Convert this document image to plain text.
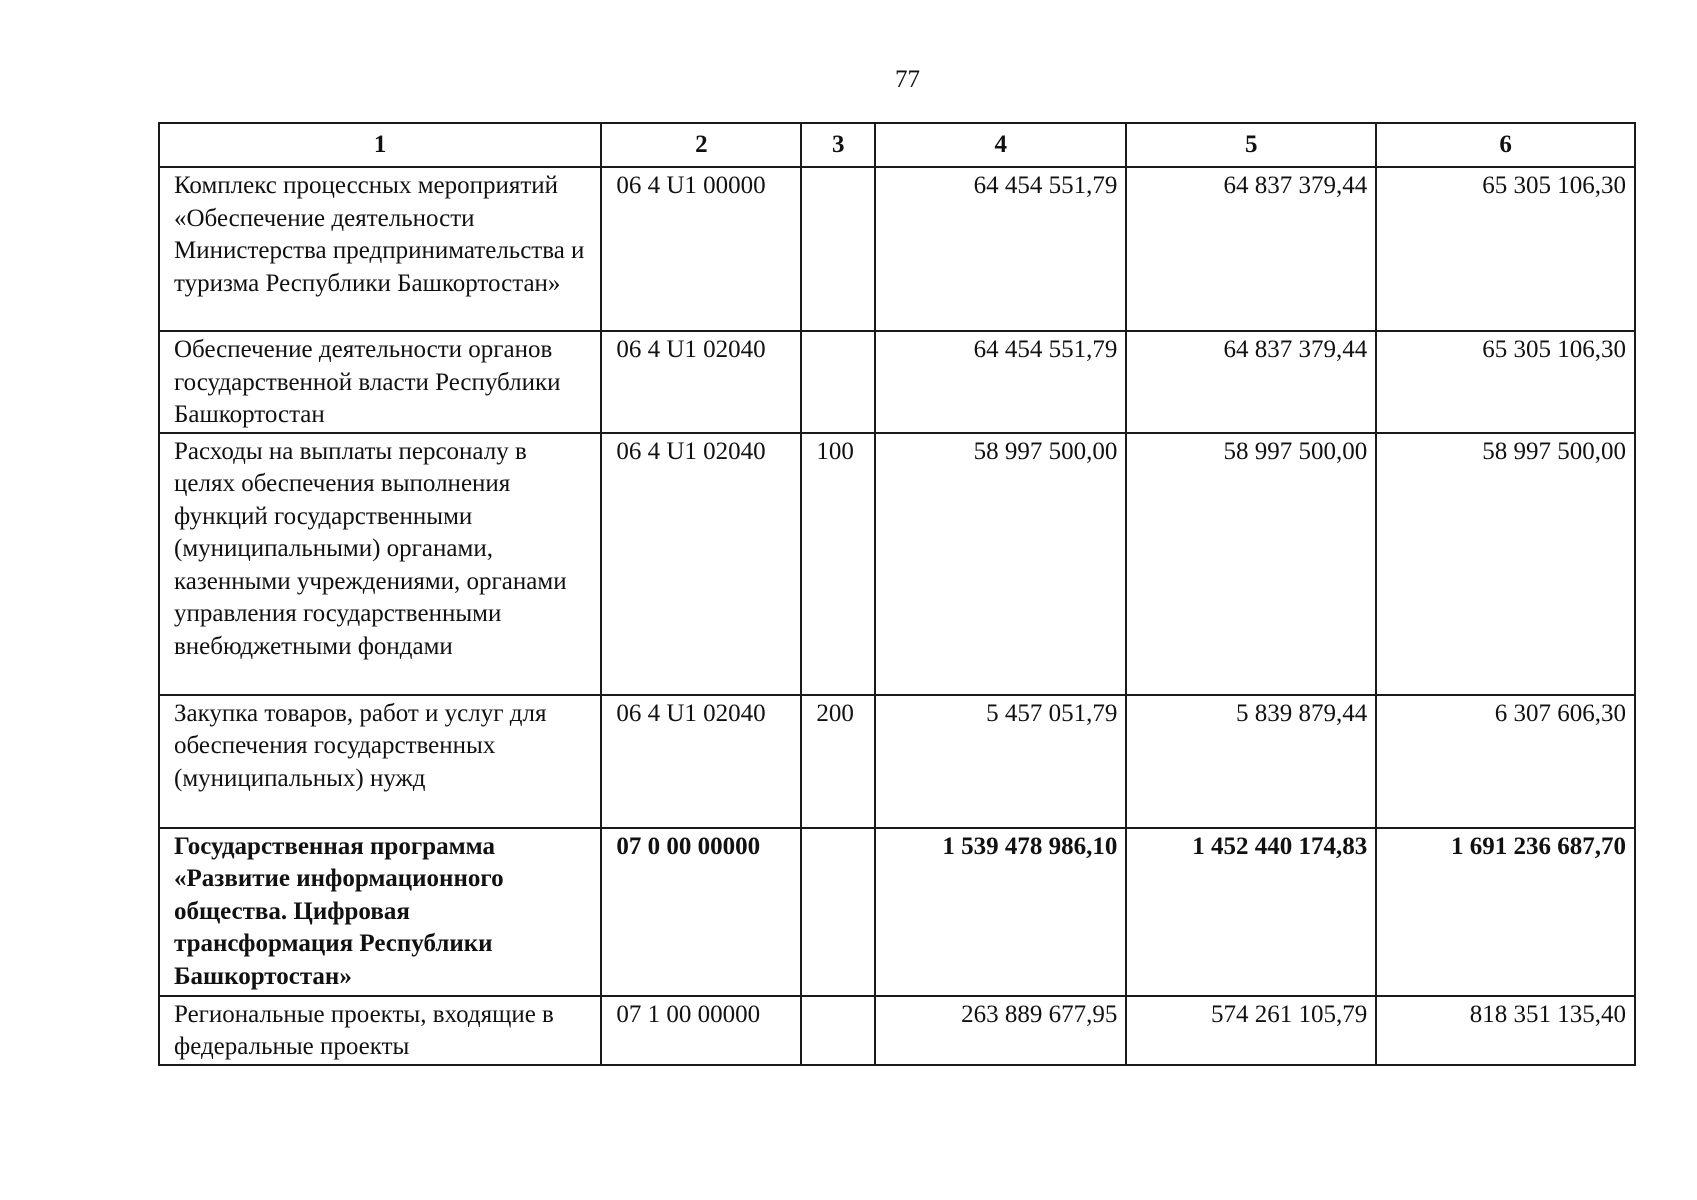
77
1	2	3	4	5	6
Комплекс процессных мероприятий «Обеспечение деятельности Министерства предпринимательства и туризма Республики Башкортостан»	06 4 U1 00000		64 454 551,79	64 837 379,44	65 305 106,30
Обеспечение деятельности органов государственной власти Республики Башкортостан	06 4 U1 02040		64 454 551,79	64 837 379,44	65 305 106,30
Расходы на выплаты персоналу в целях обеспечения выполнения функций государственными (муниципальными) органами, казенными учреждениями, органами управления государственными внебюджетными фондами	06 4 U1 02040	100	58 997 500,00	58 997 500,00	58 997 500,00
Закупка товаров, работ и услуг для обеспечения государственных (муниципальных) нужд	06 4 U1 02040	200	5 457 051,79	5 839 879,44	6 307 606,30
Государственная программа «Развитие информационного общества. Цифровая трансформация Республики Башкортостан»	07 0 00 00000		1 539 478 986,10	1 452 440 174,83	1 691 236 687,70
Региональные проекты, входящие в федеральные проекты	07 1 00 00000		263 889 677,95	574 261 105,79	818 351 135,40
